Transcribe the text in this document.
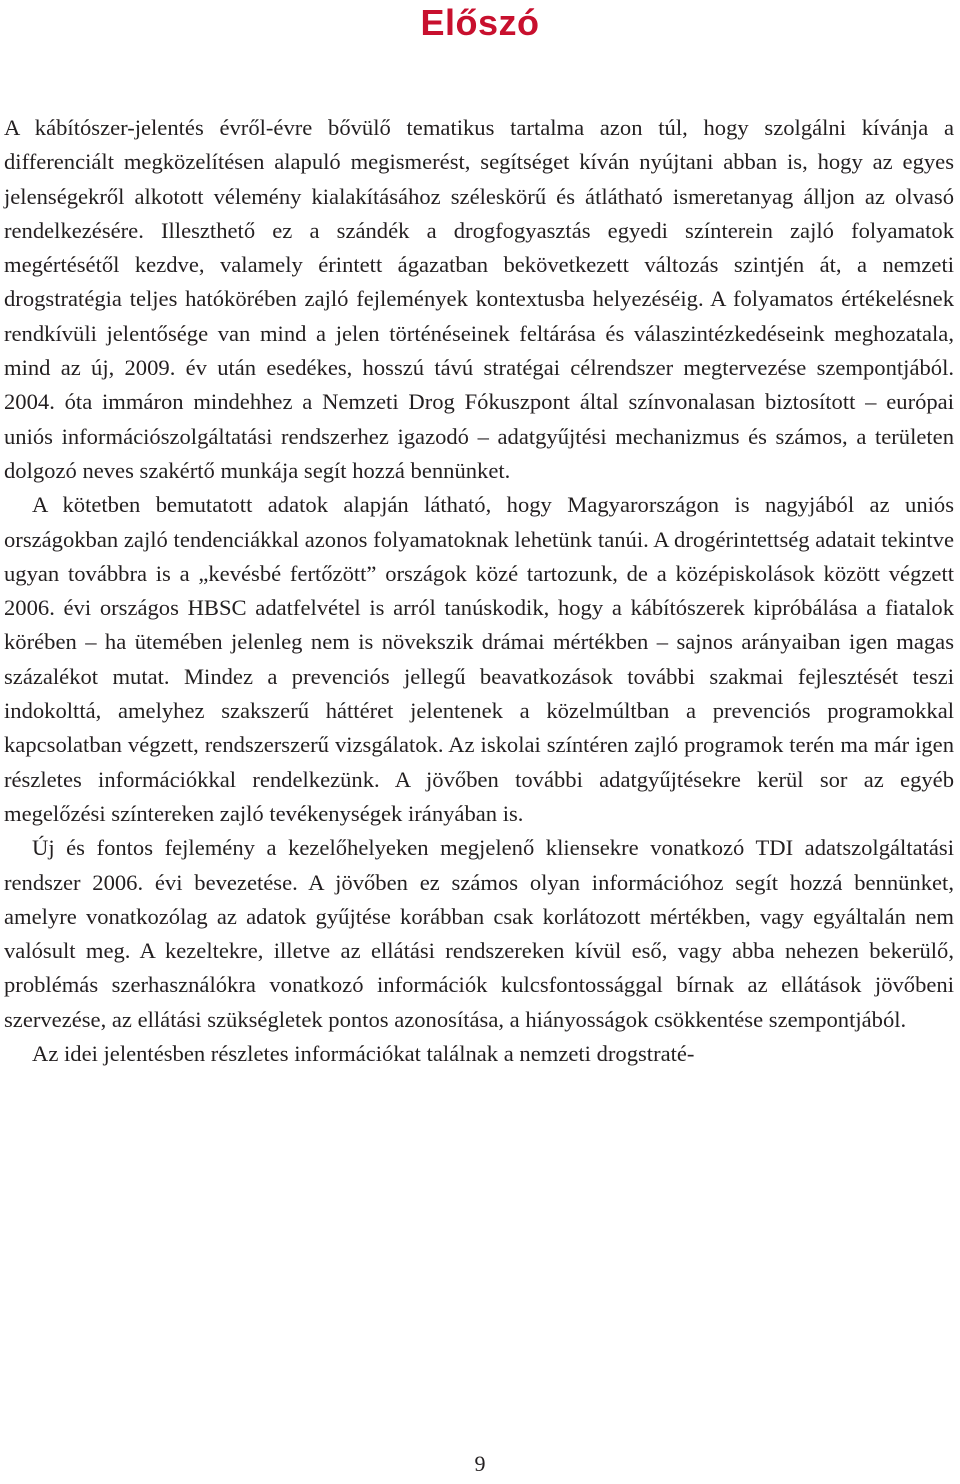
Előszó

A kábítószer-jelentés évről-évre bővülő tematikus tartalma azon túl, hogy szolgálni kívánja a differenciált megközelítésen alapuló megismerést, segítséget kíván nyújtani abban is, hogy az egyes jelenségekről alkotott vélemény kialakításához széleskörű és átlátható ismeretanyag álljon az olvasó rendelkezésére. Illeszthető ez a szándék a drogfogyasztás egyedi színterein zajló folyamatok megértésétől kezdve, valamely érintett ágazatban bekövetkezett változás szintjén át, a nemzeti drogstratégia teljes hatókörében zajló fejlemények kontextusba helyezéséig. A folyamatos értékelésnek rendkívüli jelentősége van mind a jelen történéseinek feltárása és válaszintézkedéseink meghozatala, mind az új, 2009. év után esedékes, hosszú távú stratégai célrendszer megtervezése szempontjából. 2004. óta immáron mindehhez a Nemzeti Drog Fókuszpont által színvonalasan biztosított – európai uniós információszolgáltatási rendszerhez igazodó – adatgyűjtési mechanizmus és számos, a területen dolgozó neves szakértő munkája segít hozzá bennünket.

A kötetben bemutatott adatok alapján látható, hogy Magyarországon is nagyjából az uniós országokban zajló tendenciákkal azonos folyamatoknak lehetünk tanúi. A drogérintettség adatait tekintve ugyan továbbra is a „kevésbé fertőzött” országok közé tartozunk, de a középiskolások között végzett 2006. évi országos HBSC adatfelvétel is arról tanúskodik, hogy a kábítószerek kipróbálása a fiatalok körében – ha ütemében jelenleg nem is növekszik drámai mértékben – sajnos arányaiban igen magas százalékot mutat. Mindez a prevenciós jellegű beavatkozások további szakmai fejlesztését teszi indokolttá, amelyhez szakszerű háttéret jelentenek a közelmúltban a prevenciós programokkal kapcsolatban végzett, rendszerszerű vizsgálatok. Az iskolai színtéren zajló programok terén ma már igen részletes információkkal rendelkezünk. A jövőben további adatgyűjtésekre kerül sor az egyéb megelőzési színtereken zajló tevékenységek irányában is.

Új és fontos fejlemény a kezelőhelyeken megjelenő kliensekre vonatkozó TDI adatszolgáltatási rendszer 2006. évi bevezetése. A jövőben ez számos olyan információhoz segít hozzá bennünket, amelyre vonatkozólag az adatok gyűjtése korábban csak korlátozott mértékben, vagy egyáltalán nem valósult meg. A kezeltekre, illetve az ellátási rendszereken kívül eső, vagy abba nehezen bekerülő, problémás szerhasználókra vonatkozó információk kulcsfontossággal bírnak az ellátások jövőbeni szervezése, az ellátási szükségletek pontos azonosítása, a hiányosságok csökkentése szempontjából.

Az idei jelentésben részletes információkat találnak a nemzeti drogstraté-

9
